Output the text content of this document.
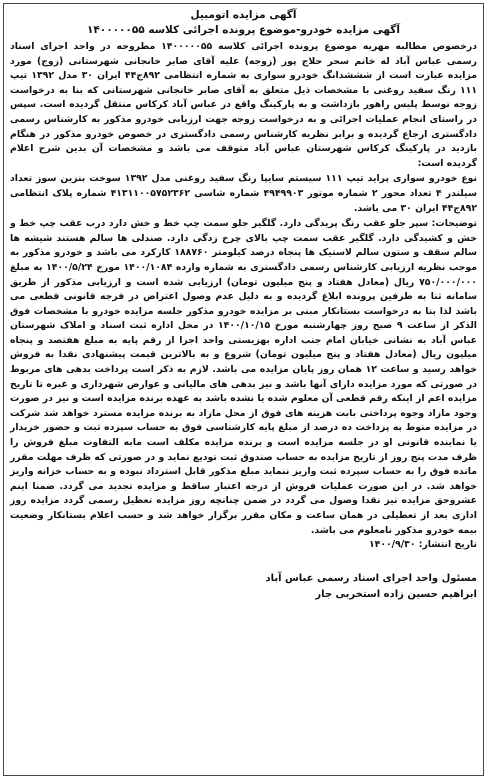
آگهی مزایده اتومبیل

آگهی مزایده خودرو-موضوع پرونده اجرائی کلاسه ۱۴۰۰۰۰۰۵۵

درخصوص مطالبه مهریه موضوع پرونده اجرائی کلاسه ۱۴۰۰۰۰۰۵۵ مطروحه در واحد اجرای اسناد رسمی عباس آباد له خانم سحر حلاج پور (زوجه) علیه آقای صابر خانجانی شهرستانی (زوج) مورد مزایده عبارت است از شششدانگ خودرو سواری به شماره انتظامی ۸۹۲ج۴۴ ایران ۳۰ مدل ۱۳۹۲ تیپ ۱۱۱ رنگ سفید روغنی با مشخصات ذیل متعلق به آقای صابر خانجانی شهرستانی که بنا به درخواست زوجه توسط پلیس راهور بازداشت و به پارکینگ واقع در عباس آباد کرکاس منتقل گردیده است. سپس در راستای انجام عملیات اجرائی و به درخواست زوجه جهت ارزیابی خودرو مذکور به کارشناس رسمی دادگستری ارجاع گردیده و برابر نظریه کارشناس رسمی دادگستری در خصوص خودرو مذکور در هنگام بازدید در پارکینگ کرکاس شهرستان عباس آباد متوقف می باشد و مشخصات آن بدین شرح اعلام گردیده است:

نوع خودرو سواری پراید تیپ ۱۱۱ سیستم سایپا رنگ سفید روغنی مدل ۱۳۹۲ سوخت بنزین سوز تعداد سیلندر ۴ تعداد محور ۲ شماره موتور ۴۹۴۹۹۰۳ شماره شاسی ۴۱۳۱۱۰۰۵۷۵۲۳۶۲ شماره پلاک انتظامی ۸۹۲ج۴۴ ایران ۳۰ می باشد.

توضیحات: سپر جلو عقب رنگ پریدگی دارد. گلگیر جلو سمت چپ خط و خش دارد درب عقب چپ خط و خش و کشیدگی دارد. گلگیر عقب سمت چپ بالای چرخ زدگی دارد. صندلی ها سالم هستند شیشه ها سالم سقف و ستون سالم لاستیک ها پنجاه درصد کیلومتر ۱۸۸۷۶۰ کارکرد می باشد و خودرو مذکور به موجب نظریه ارزیابی کارشناس رسمی دادگستری به شماره وارده ۱۴۰۰/۱۰۸۴ مورخ ۱۴۰۰/۵/۲۴ به مبلغ ۷۵۰/۰۰۰/۰۰۰ ریال (معادل هفتاد و پنج میلیون تومان) ارزیابی شده است و ارزیابی مذکور از طریق سامانه ثنا به طرفین پرونده ابلاغ گردیده و به دلیل عدم وصول اعتراض در فرجه قانونی قطعی می باشد لذا بنا به درخواست بستانکار مبنی بر مزایده خودرو مذکور جلسه مزایده خودرو با مشخصات فوق الذکر از ساعت ۹ صبح روز چهارشنبه مورخ ۱۴۰۰/۱۰/۱۵ در محل اداره ثبت اسناد و املاک شهرستان عباس آباد به نشانی خیابان امام جنب اداره بهزیستی واحد اجرا از رقم پایه به مبلغ هفتصد و پنجاه میلیون ریال (معادل هفتاد و پنج میلیون تومان) شروع و به بالاترین قیمت پیشنهادی نقدا به فروش خواهد رسید و ساعت ۱۲ همان روز پایان مزایده می باشد. لازم به ذکر است پرداخت بدهی های مربوط در صورتی که مورد مزایده دارای آنها باشد و نیز بدهی های مالیاتی و عوارض شهرداری و غیره تا تاریخ مزایده اعم از اینکه رقم قطعی آن معلوم شده یا نشده باشد به عهده برنده مزایده است و نیز در صورت وجود مازاد وجوه پرداختی بابت هزینه های فوق از محل مازاد به برنده مزایده مسترد خواهد شد شرکت در مزایده منوط به پرداخت ده درصد از مبلغ پایه کارشناسی فوق به حساب سپرده ثبت و حضور خریدار یا نماینده قانونی او در جلسه مزایده است و برنده مزایده مکلف است مابه التفاوت مبلغ فروش را ظرف مدت پنج روز از تاریخ مزایده به حساب صندوق ثبت تودیع نماید و در صورتی که ظرف مهلت مقرر مانده فوق را به حساب سپرده ثبت واریز ننماید مبلغ مذکور قابل استرداد نبوده و به حساب خزانه واریز خواهد شد. در این صورت عملیات فروش از درجه اعتبار ساقط و مزایده تجدید می گردد. ضمنا اینم عشروحق مزایده نیز نقدا وصول می گردد در ضمن چنانچه روز مزایده تعطیل رسمی گردد مزایده روز اداری بعد از تعطیلی در همان ساعت و مکان مقرر برگزار خواهد شد و حسب اعلام بستانکار وضعیت بیمه خودرو مذکور نامعلوم می باشد.

تاریخ انتشار: ۱۴۰۰/۹/۳۰

مسئول واحد اجرای اسناد رسمی عباس آباد

ابراهیم حسین زاده استخربی جار
